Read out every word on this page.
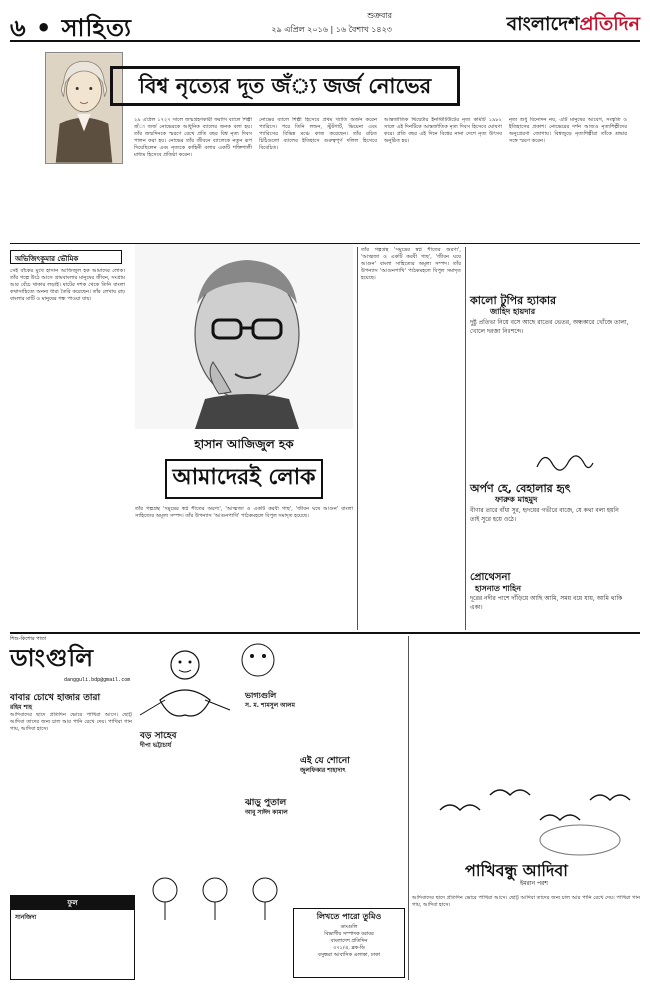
৬ • সাহিত্য	শুক্রবার
২৯ এপ্রিল ২০১৬ | ১৬ বৈশাখ ১৪২৩	বাংলাদেশপ্রতিদিন
বিশ্ব নৃত্যের দূত জঁ্য জর্জ নোভের
২৯ এপ্রিল ১৭২৭ সালে জন্মগ্রহণকারী ফরাসি ব্যালে শিল্পী জঁ্য জর্জ নোভেরকে আধুনিক ব্যালের জনক বলা হয়। তাঁর জন্মদিনকে স্মরণে রেখে প্রতি বছর বিশ্ব নৃত্য দিবস পালন করা হয়। নোভের তাঁর জীবনে ব্যালেকে নতুন রূপ দিয়েছিলেন এবং নৃত্যকে কাহিনী বলার একটি শক্তিশালী মাধ্যম হিসেবে প্রতিষ্ঠা করেন।
নোভের ব্যালে শিল্পী হিসেবে প্রথম খ্যাতি অর্জন করেন প্যারিসে। পরে তিনি লন্ডন, স্টুটগার্ট, ভিয়েনা এবং প্যারিসের বিভিন্ন মঞ্চে কাজ করেছেন। তাঁর রচিত চিঠিগুলো ব্যালের ইতিহাসে গুরুত্বপূর্ণ দলিল হিসেবে বিবেচিত।
আন্তর্জাতিক থিয়েটার ইনস্টিটিউটের নৃত্য কমিটি ১৯৮২ সালে এই দিনটিকে আন্তর্জাতিক নৃত্য দিবস হিসেবে ঘোষণা করে। প্রতি বছর এই দিনে বিশ্বের নানা দেশে নৃত্য উৎসব অনুষ্ঠিত হয়।
নৃত্য শুধু বিনোদন নয়, এটি মানুষের আবেগ, সংস্কৃতি ও ইতিহাসের প্রকাশ। নোভেরের দর্শন আজও নৃত্যশিল্পীদের অনুপ্রেরণা জোগায়। বিশ্বজুড়ে নৃত্যশিল্পীরা তাঁকে শ্রদ্ধার সঙ্গে স্মরণ করেন।
অভিজিৎকুমার ভৌমিক
সেই বাঁকের মুখে হাসান আজিজুল হক আমাদের লোক। তাঁর গল্পে উঠে আসে গ্রামবাংলার মানুষের জীবন, সংগ্রাম আর বেঁচে থাকার লড়াই। ষাটের দশক থেকে তিনি বাংলা কথাসাহিত্যে অনন্য ধারা তৈরি করেছেন। তাঁর লেখায় রাঢ় বাংলার মাটি ও মানুষের গন্ধ পাওয়া যায়।
হাসান আজিজুল হক
আমাদেরই লোক
তাঁর গল্পগ্রন্থ 'সমুদ্রের স্বপ্ন শীতের অরণ্য', 'আত্মজা ও একটি করবী গাছ', 'জীবন ঘষে আগুন' বাংলা সাহিত্যের অমূল্য সম্পদ। তাঁর উপন্যাস 'আগুনপাখি' পাঠকমহলে বিপুল সমাদৃত হয়েছে।
তাঁর গল্পগ্রন্থ 'সমুদ্রের স্বপ্ন শীতের অরণ্য', 'আত্মজা ও একটি করবী গাছ', 'জীবন ঘষে আগুন' বাংলা সাহিত্যের অমূল্য সম্পদ। তাঁর উপন্যাস 'আগুনপাখি' পাঠকমহলে বিপুল সমাদৃত হয়েছে।
কালো টুপির হ্যাকার
জাহিদ হায়দার
দুষ্টু প্রতিভা নিয়ে বসে আছে রাতের ভেতর, অন্ধকারে খোঁজে তালা, খোলে দরজা নিঃশব্দে।
অর্পণ হে, বেহালার হৃৎ
ফারুক মাহমুদ
বীণার তারে বাঁধা সুর, হৃদয়ের গভীরে বাজে, যে কথা বলা হয়নি তাই সুরে হয়ে ওঠে।
প্রোথেসনা
হাসনাত শাহিন
দূরের নদীর পাশে দাঁড়িয়ে আছি আমি, সময় বয়ে যায়, আমি থাকি একা।
শিশু-কিশোর পাতা
ডাংগুলি
dangguli.bdp@gmail.com
বাবার চোখে হাজার তারা
রহিম শাহ
আদিবাদের ছাদে প্রতিদিন ভোরে পাখিরা আসে। ছোট্ট আদিবা তাদের জন্য চাল আর পানি রেখে দেয়। পাখিরা গান গায়, আদিবা হাসে।
বড় সাহেব
দীপা ভট্টাচার্য
ভাগ্যগুলি
স. ম. শামসুল আলম
এই যে শোনো
জুলফিকার শাহাদাৎ
ঝাড়ু পুতাল
আবু সাঈদ কামাল
ফুল
সানজিদা	লিখতে পারো তুমিও
ডাংগুলি
বিভাগীয় সম্পাদক বরাবর
বাংলাদেশ প্রতিদিন
৩৭১/এ, ব্লক-ডি
বসুন্ধরা আবাসিক এলাকা, ঢাকা
পাখিবন্ধু আদিবা
ইমরান পরশ
আদিবাদের ছাদে প্রতিদিন ভোরে পাখিরা আসে। ছোট্ট আদিবা তাদের জন্য চাল আর পানি রেখে দেয়। পাখিরা গান গায়, আদিবা হাসে।
